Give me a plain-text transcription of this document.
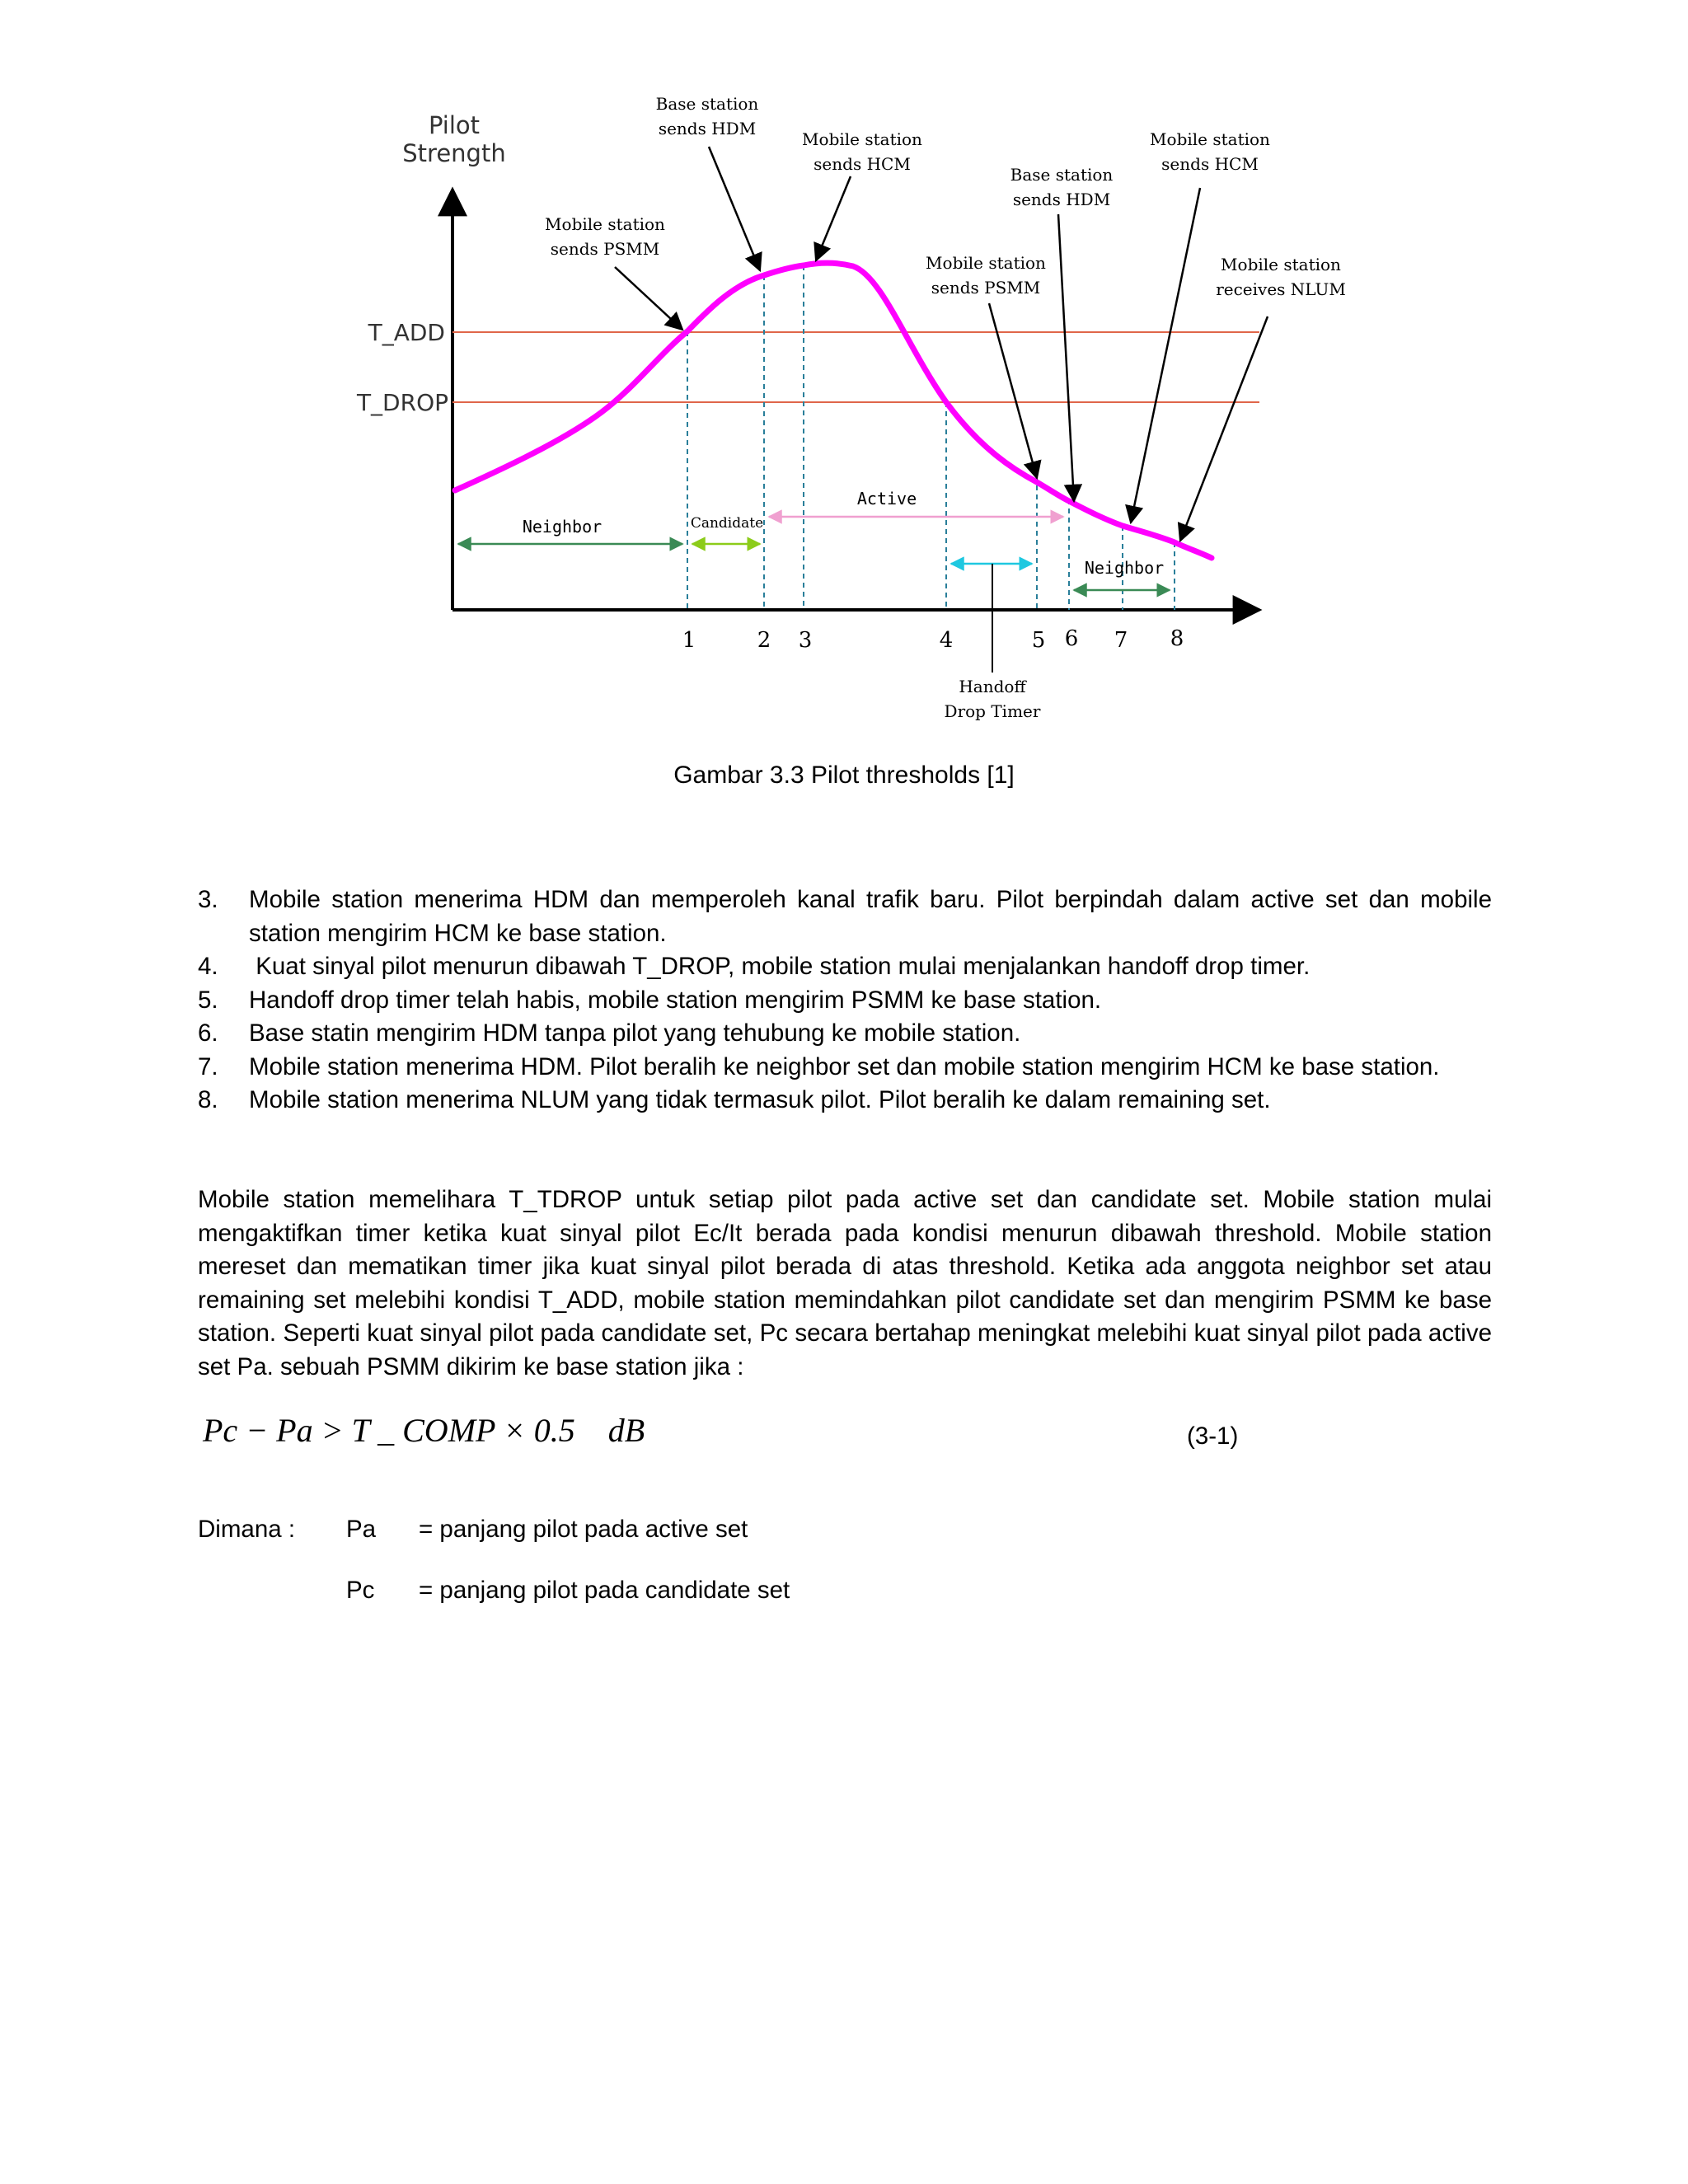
Pilot
Strength
T_ADD
T_DROP
Neighbor	Candidate
Active
Neighbor
1	2 3	4	5 6 7 8
Base station
sends HDM
Mobile station
sends HCM
Mobile station
sends PSMM
Mobile station
sends PSMM
Base station
sends HDM
Mobile station
sends HCM
Mobile station
receives NLUM
Handoff
Drop Timer
Gambar 3.3 Pilot thresholds [1]
3. Mobile station menerima HDM dan memperoleh kanal trafik baru. Pilot berpindah dalam active set dan mobile station mengirim HCM ke base station.
4. Kuat sinyal pilot menurun dibawah T_DROP, mobile station mulai menjalankan handoff drop timer.
5. Handoff drop timer telah habis, mobile station mengirim PSMM ke base station.
6. Base statin mengirim HDM tanpa pilot yang tehubung ke mobile station.
7. Mobile station menerima HDM. Pilot beralih ke neighbor set dan mobile station mengirim HCM ke base station.
8. Mobile station menerima NLUM yang tidak termasuk pilot. Pilot beralih ke dalam remaining set.

Mobile station memelihara T_TDROP untuk setiap pilot pada active set dan candidate set. Mobile station mulai mengaktifkan timer ketika kuat sinyal pilot Ec/It berada pada kondisi menurun dibawah threshold. Mobile station mereset dan mematikan timer jika kuat sinyal pilot berada di atas threshold. Ketika ada anggota neighbor set atau remaining set melebihi kondisi T_ADD, mobile station memindahkan pilot candidate set dan mengirim PSMM ke base station. Seperti kuat sinyal pilot pada candidate set, Pc secara bertahap meningkat melebihi kuat sinyal pilot pada active set Pa. sebuah PSMM dikirim ke base station jika :

Pc − Pa > T _ COMP × 0.5    dB	(3-1)
Dimana : Pa = panjang pilot pada active set
Pc = panjang pilot pada candidate set
